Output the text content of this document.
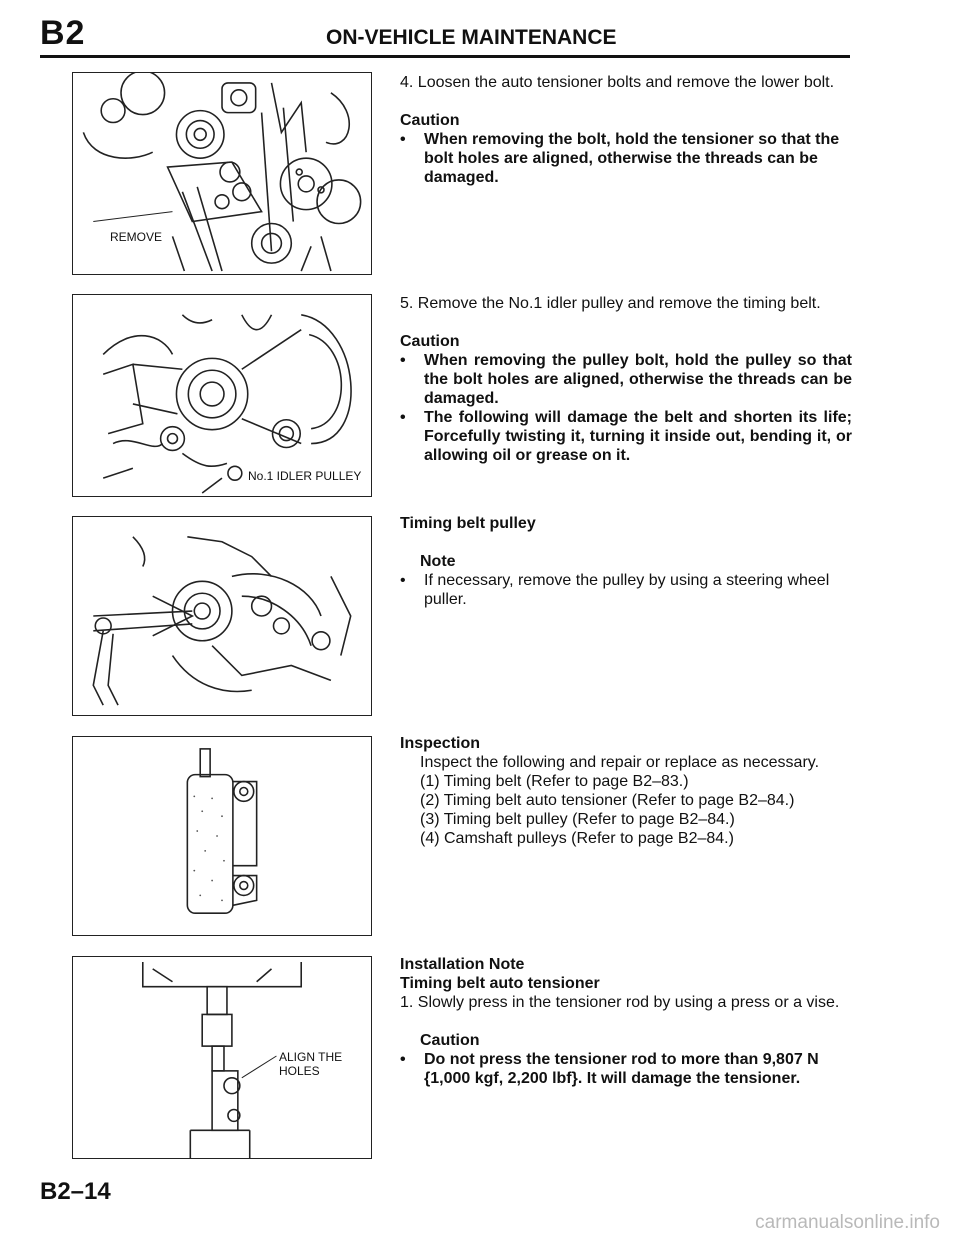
B2	ON-VEHICLE MAINTENANCE
REMOVE
No.1 IDLER PULLEY
ALIGN THE
HOLES

4. Loosen the auto tensioner bolts and remove the lower bolt.

Caution

• When removing the bolt, hold the tensioner so that the bolt holes are aligned, otherwise the threads can be damaged.

5. Remove the No.1 idler pulley and remove the timing belt.

Caution

• When removing the pulley bolt, hold the pulley so that the bolt holes are aligned, otherwise the threads can be damaged.

• The following will damage the belt and shorten its life; Forcefully twisting it, turning it inside out, bending it, or allowing oil or grease on it.

Timing belt pulley

Note

• If necessary, remove the pulley by using a steering wheel puller.

Inspection

Inspect the following and repair or replace as necessary.

(1) Timing belt (Refer to page B2–83.)

(2) Timing belt auto tensioner (Refer to page B2–84.)

(3) Timing belt pulley (Refer to page B2–84.)

(4) Camshaft pulleys (Refer to page B2–84.)

Installation Note

Timing belt auto tensioner

1. Slowly press in the tensioner rod by using a press or a vise.

Caution

• Do not press the tensioner rod to more than 9,807 N {1,000 kgf, 2,200 lbf}. It will damage the tensioner.

B2–14
carmanualsonline.info
